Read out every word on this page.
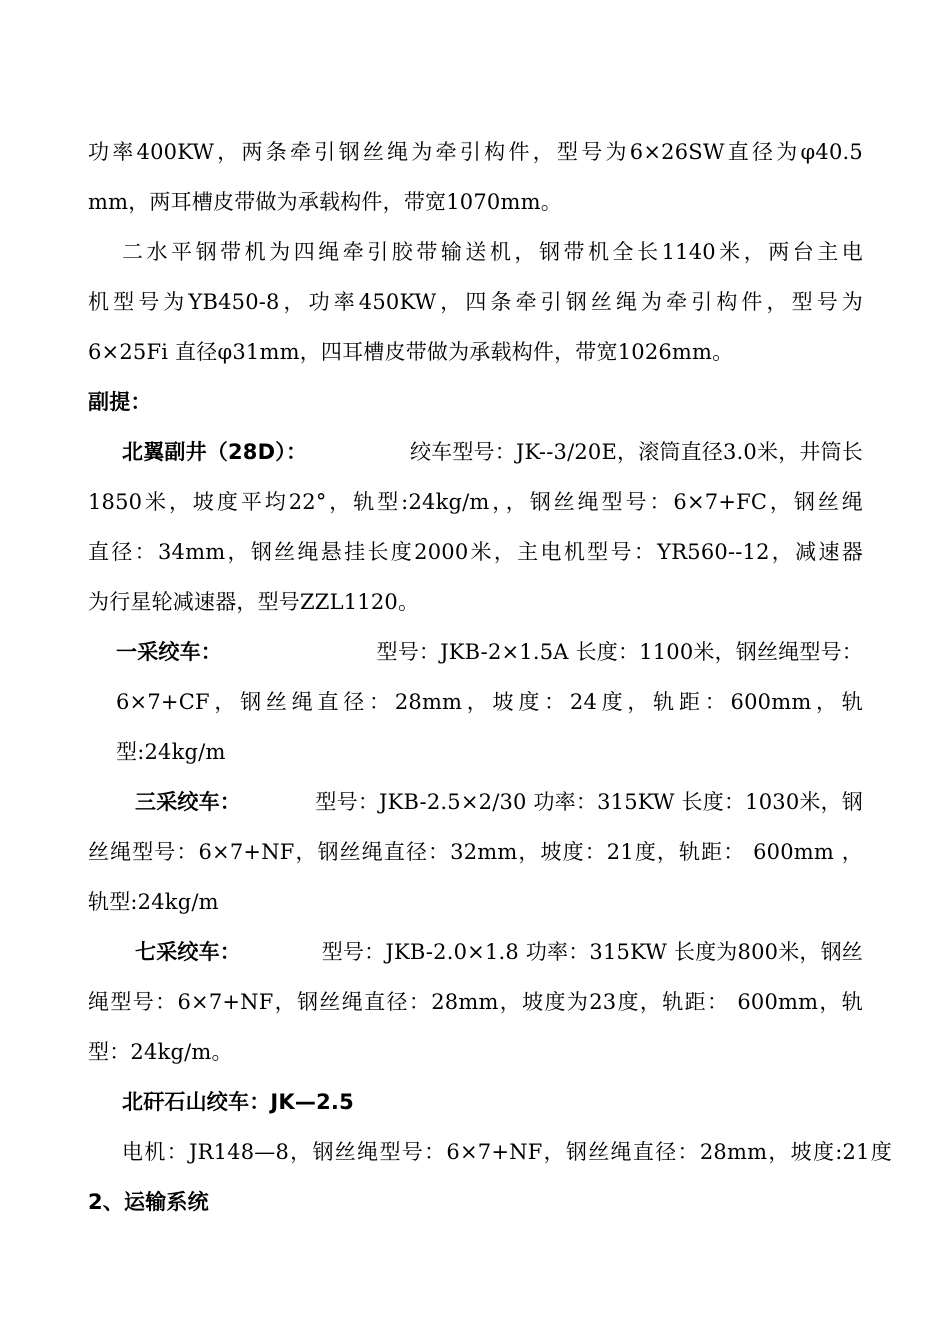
功率400KW，两条牵引钢丝绳为牵引构件，型号为6×26SW直径为φ40.5
mm，两耳槽皮带做为承载构件，带宽1070mm。
二水平钢带机为四绳牵引胶带输送机，钢带机全长1140米，两台主电
机型号为YB450-8，功率450KW，四条牵引钢丝绳为牵引构件，型号为
6×25Fi 直径φ31mm，四耳槽皮带做为承载构件，带宽1026mm。
副提：
北翼副井（28D）：	绞车型号：JK--3/20E，滚筒直径3.0米，井筒长
1850米，坡度平均22°，轨型:24kg/m，，钢丝绳型号：6×7+FC，钢丝绳
直径：34mm，钢丝绳悬挂长度2000米，主电机型号：YR560--12，减速器
为行星轮减速器，型号ZZL1120。
一采绞车：	型号：JKB-2×1.5A 长度：1100米，钢丝绳型号：
6×7+CF，钢丝绳直径：28mm，坡度：24度，轨距：600mm，轨
型:24kg/m
三采绞车：	型号：JKB-2.5×2/30 功率：315KW 长度：1030米，钢
丝绳型号：6×7+NF，钢丝绳直径：32mm，坡度：21度，轨距： 600mm ，
轨型:24kg/m
七采绞车：	型号：JKB-2.0×1.8 功率：315KW 长度为800米，钢丝
绳型号：6×7+NF，钢丝绳直径：28mm，坡度为23度，轨距： 600mm，轨
型：24kg/m。
北矸石山绞车：JK—2.5
电机：JR148—8，钢丝绳型号：6×7+NF，钢丝绳直径：28mm，坡度:21度
2、运输系统
